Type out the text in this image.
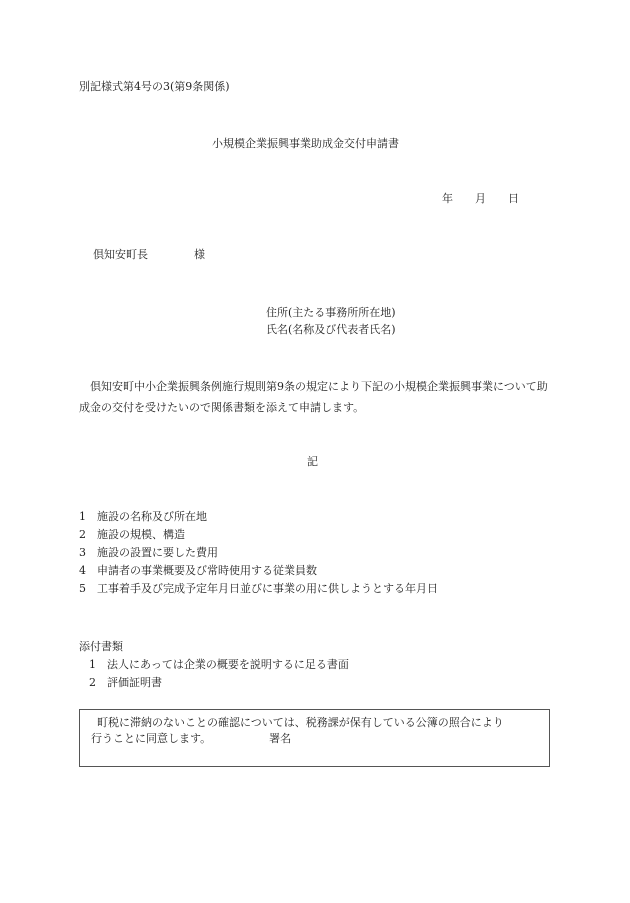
別記様式第4号の3(第9条関係)
小規模企業振興事業助成金交付申請書
年 月 日
倶知安町長	様
住所(主たる事務所所在地)
氏名(名称及び代表者氏名)
倶知安町中小企業振興条例施行規則第9条の規定により下記の小規模企業振興事業について助成金の交付を受けたいので関係書類を添えて申請します。
記
1 施設の名称及び所在地
2 施設の規模、構造
3 施設の設置に要した費用
4 申請者の事業概要及び常時使用する従業員数
5 工事着手及び完成予定年月日並びに事業の用に供しようとする年月日
添付書類
1 法人にあっては企業の概要を説明するに足る書面
2 評価証明書
町税に滞納のないことの確認については、税務課が保有している公簿の照合により
行うことに同意します。	署名
